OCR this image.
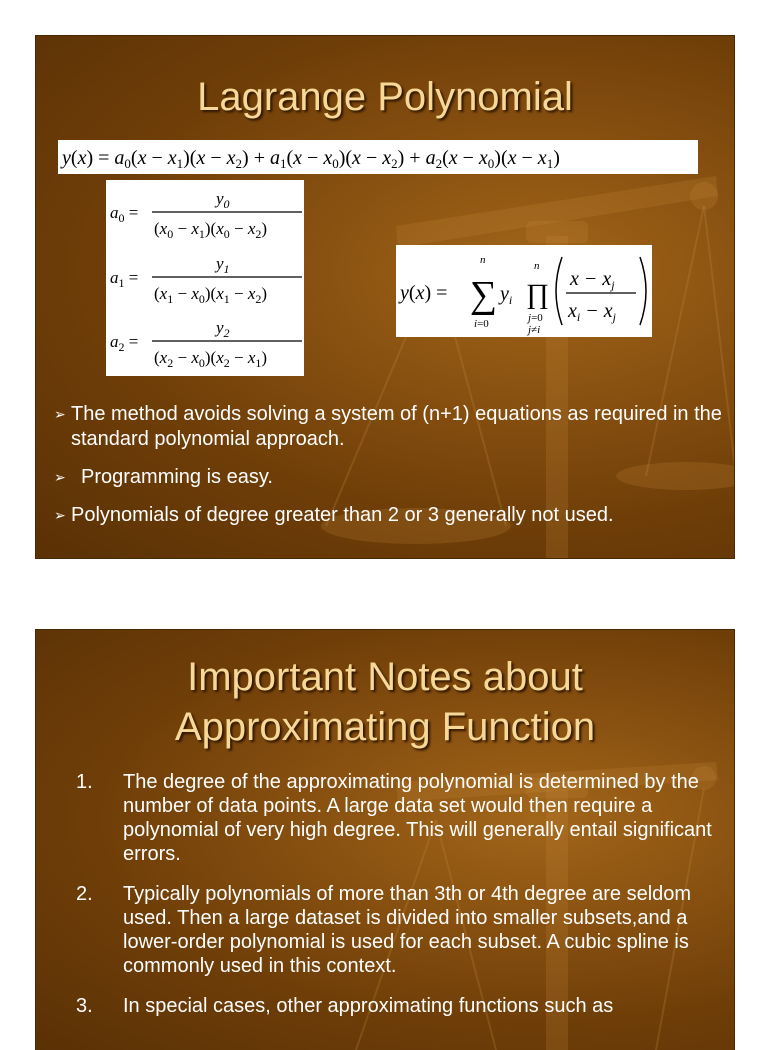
Lagrange Polynomial
$y(x) = a_0(x - x_1)(x - x_2) + a_1(x - x_0)(x - x_2) + a_2(x - x_0)(x - x_1)$
$a_0$ =
$y_0$
$(x_0 - x_1)(x_0 - x_2)$
$a_1$ =
$y_1$
$(x_1 - x_0)(x_1 - x_2)$
$a_2$ =
$y_2$
$(x_2 - x_0)(x_2 - x_1)$
y(x) = ∑
n
i=0
$y_i$ ∏
n
j=0
j≠i
$x - x_j$
$x_i - x_j$
➢ The method avoids solving a system of (n+1) equations as required in the standard polynomial approach.
➢ Programming is easy.
➢ Polynomials of degree greater than 2 or 3 generally not used.
Important Notes about
Approximating Function
1. The degree of the approximating polynomial is determined by the number of data points. A large data set would then require a polynomial of very high degree. This will generally entail significant errors.
2. Typically polynomials of more than 3th or 4th degree are seldom used. Then a large dataset is divided into smaller subsets,and a lower-order polynomial is used for each subset. A cubic spline is commonly used in this context.
3. In special cases, other approximating functions such as
